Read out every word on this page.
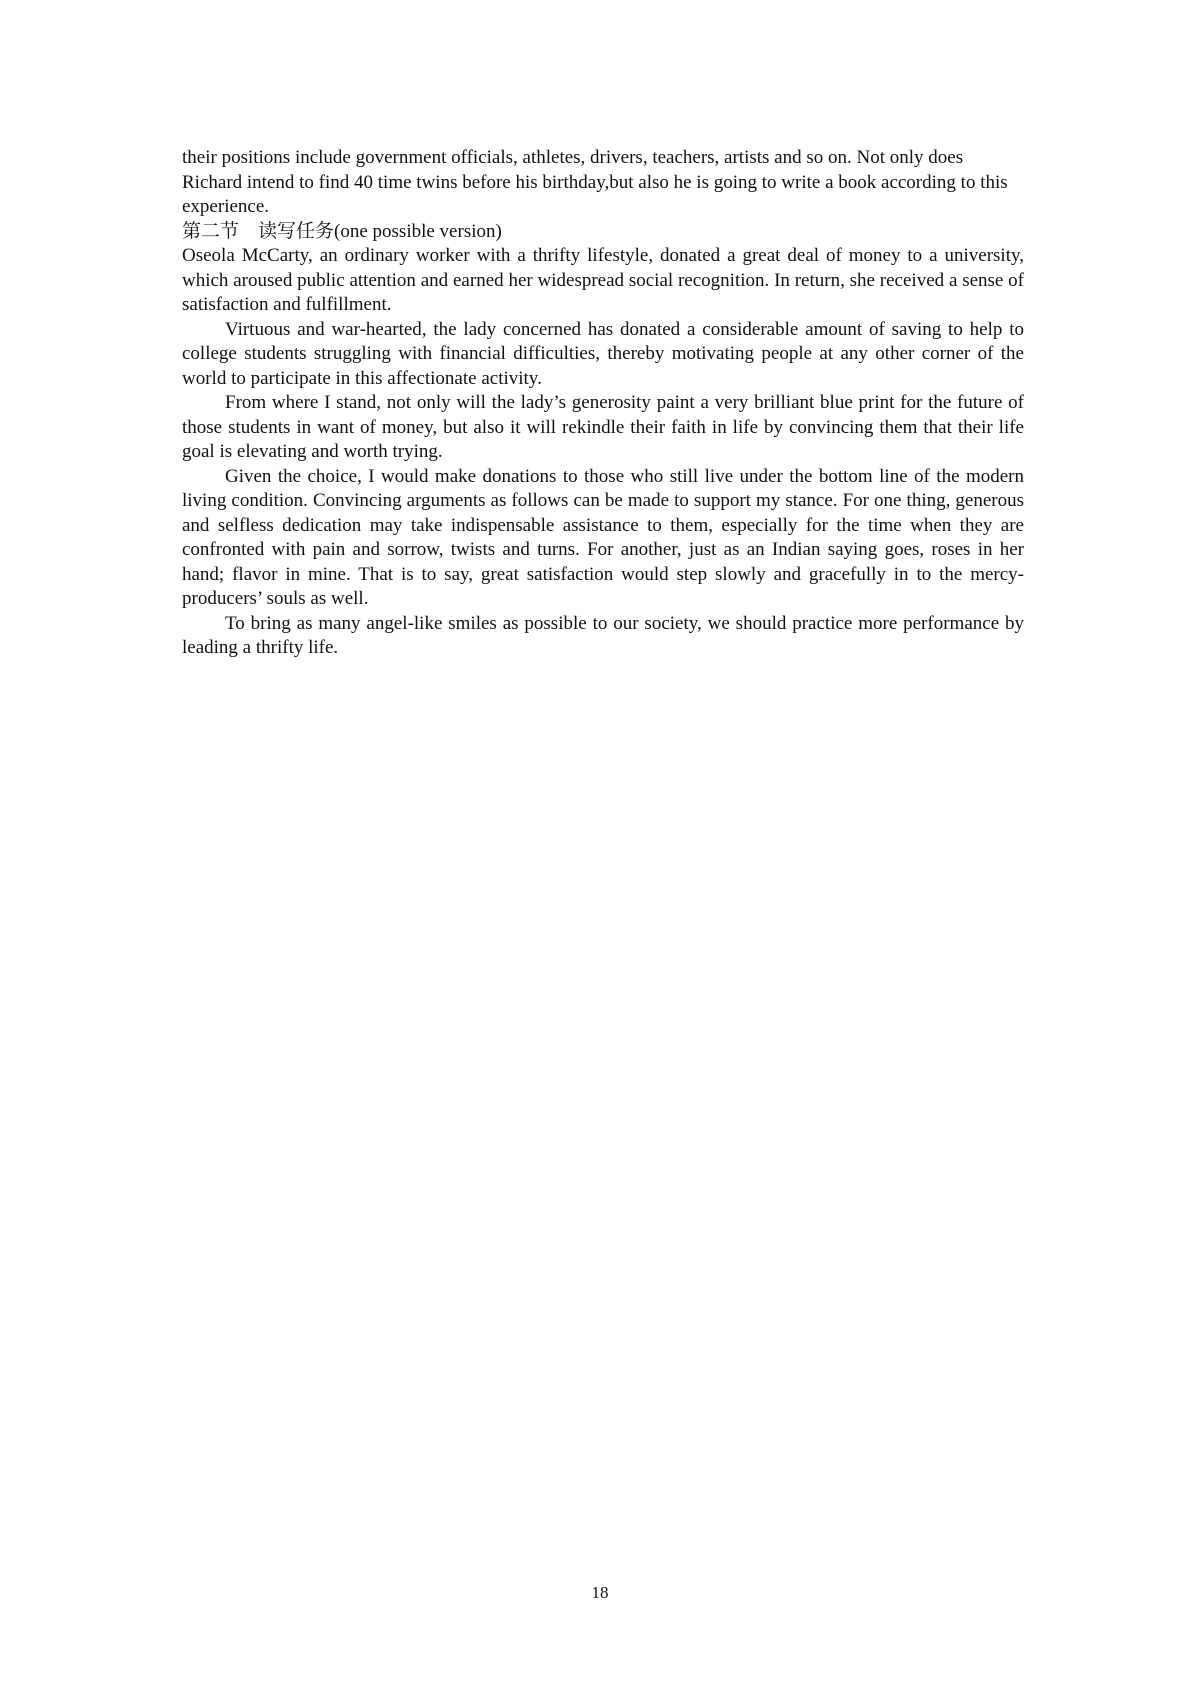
their positions include government officials, athletes, drivers, teachers, artists and so on. Not only does Richard intend to find 40 time twins before his birthday,but also he is going to write a book according to this experience.

第二节　读写任务(one possible version)

Oseola McCarty, an ordinary worker with a thrifty lifestyle, donated a great deal of money to a university, which aroused public attention and earned her widespread social recognition. In return, she received a sense of satisfaction and fulfillment.

Virtuous and war-hearted, the lady concerned has donated a considerable amount of saving to help to college students struggling with financial difficulties, thereby motivating people at any other corner of the world to participate in this affectionate activity.

From where I stand, not only will the lady’s generosity paint a very brilliant blue print for the future of those students in want of money, but also it will rekindle their faith in life by convincing them that their life goal is elevating and worth trying.

Given the choice, I would make donations to those who still live under the bottom line of the modern living condition. Convincing arguments as follows can be made to support my stance. For one thing, generous and selfless dedication may take indispensable assistance to them, especially for the time when they are confronted with pain and sorrow, twists and turns. For another, just as an Indian saying goes, roses in her hand; flavor in mine. That is to say, great satisfaction would step slowly and gracefully in to the mercy-producers’ souls as well.

To bring as many angel-like smiles as possible to our society, we should practice more performance by leading a thrifty life.

18
